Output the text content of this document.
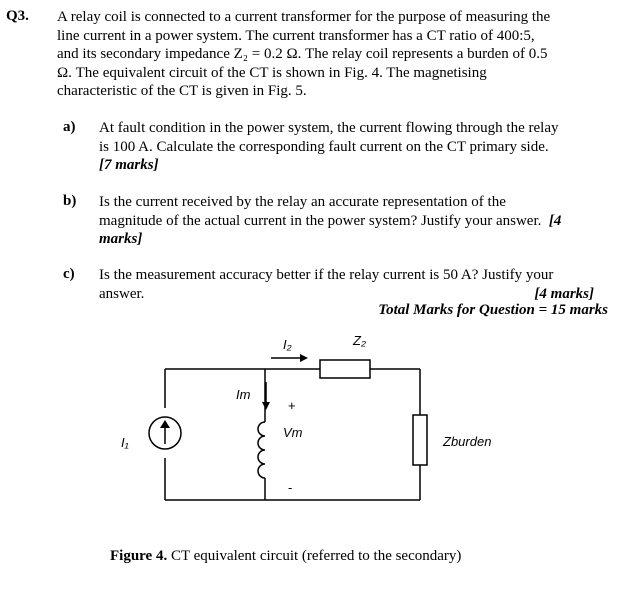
Q3. A relay coil is connected to a current transformer for the purpose of measuring the
line current in a power system. The current transformer has a CT ratio of 400:5,
and its secondary impedance Z₂ = 0.2 Ω. The relay coil represents a burden of 0.5
Ω. The equivalent circuit of the CT is shown in Fig. 4. The magnetising
characteristic of the CT is given in Fig. 5.
a) At fault condition in the power system, the current flowing through the relay
is 100 A. Calculate the corresponding fault current on the CT primary side.
[7 marks]
b) Is the current received by the relay an accurate representation of the
magnitude of the actual current in the power system? Justify your answer. [4
marks]
c) Is the measurement accuracy better if the relay current is 50 A? Justify your
answer.	[4 marks]
Total Marks for Question = 15 marks
I₂	Z₂
Im
+
Vm
-
I₁	Zburden
Figure 4. CT equivalent circuit (referred to the secondary)
